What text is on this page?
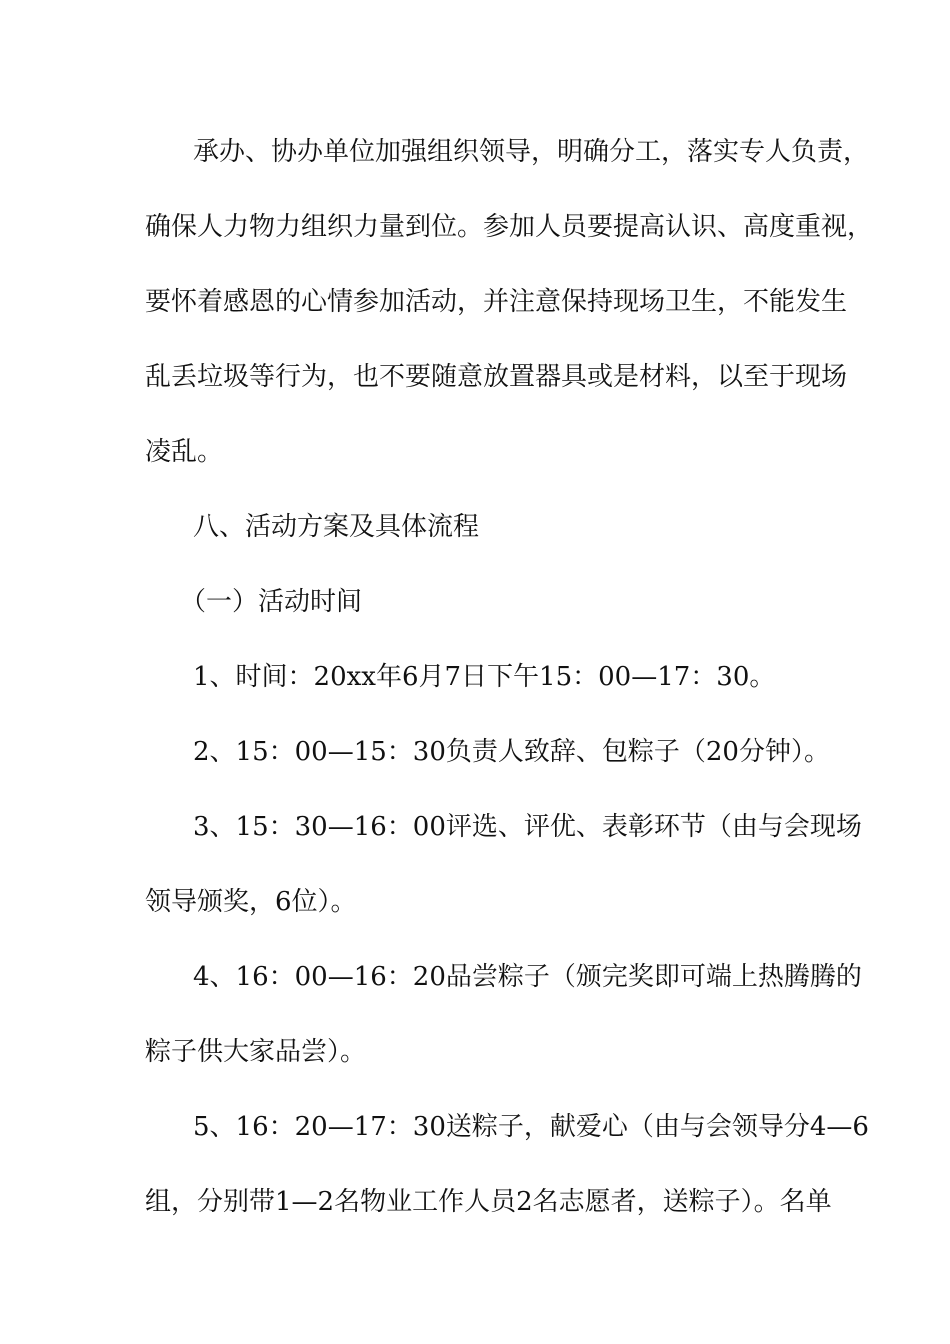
承办、协办单位加强组织领导，明确分工，落实专人负责，
确保人力物力组织力量到位。参加人员要提高认识、高度重视，
要怀着感恩的心情参加活动，并注意保持现场卫生，不能发生
乱丢垃圾等行为，也不要随意放置器具或是材料，以至于现场
凌乱。
八、活动方案及具体流程
（一）活动时间
1、时间：20xx年6月7日下午15：00—17：30。
2、15：00—15：30负责人致辞、包粽子（20分钟）。
3、15：30—16：00评选、评优、表彰环节（由与会现场
领导颁奖，6位）。
4、16：00—16：20品尝粽子（颁完奖即可端上热腾腾的
粽子供大家品尝）。
5、16：20—17：30送粽子，献爱心（由与会领导分4—6
组，分别带1—2名物业工作人员2名志愿者，送粽子）。名单
